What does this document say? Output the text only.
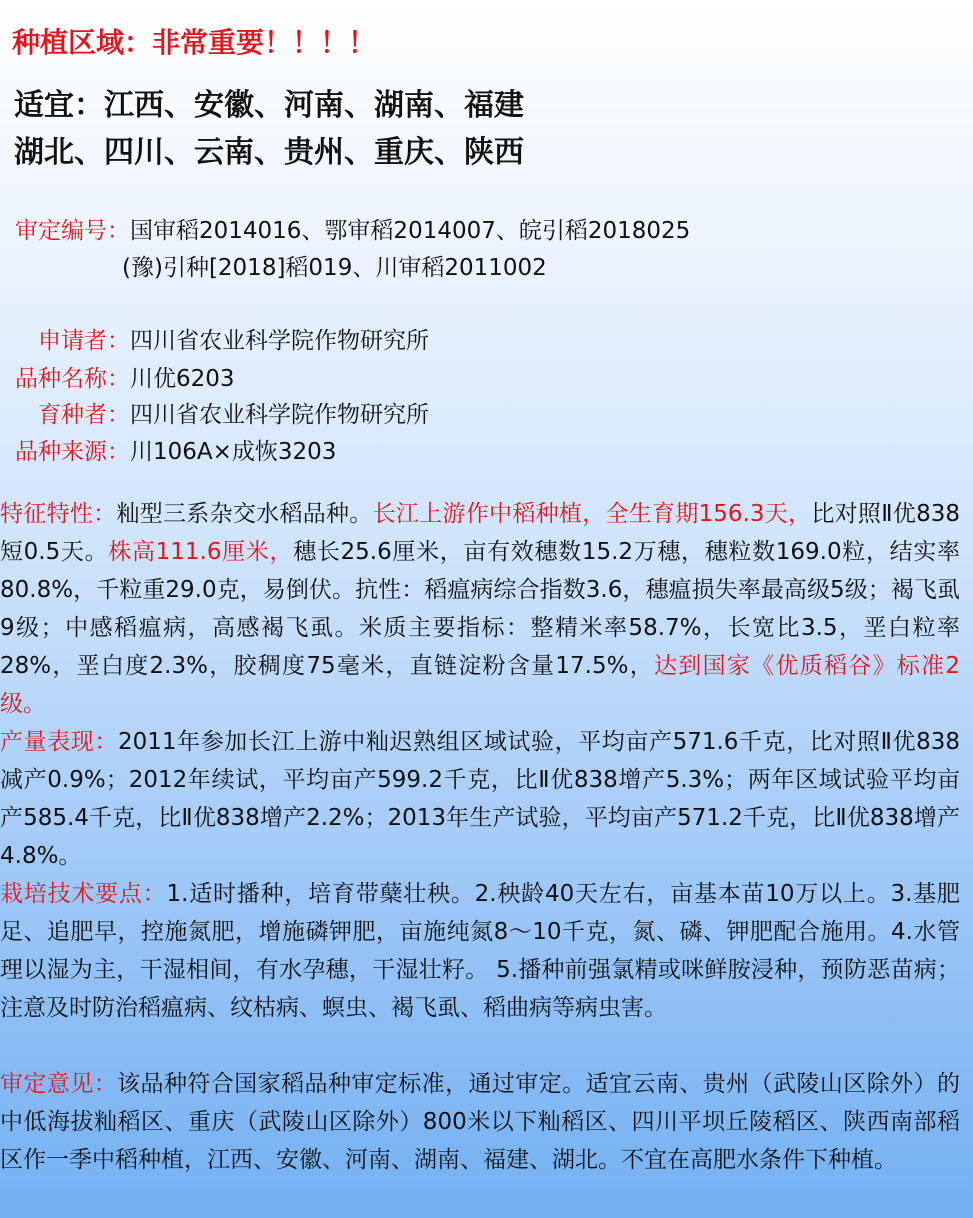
种植区域：非常重要！！！！
适宜：江西、安徽、河南、湖南、福建
湖北、四川、云南、贵州、重庆、陕西
审定编号：国审稻2014016、鄂审稻2014007、皖引稻2018025
(豫)引种[2018]稻019、川审稻2011002
申请者：四川省农业科学院作物研究所
品种名称：川优6203
育种者：四川省农业科学院作物研究所
品种来源：川106A×成恢3203
特征特性：籼型三系杂交水稻品种。长江上游作中稻种植，全生育期156.3天，比对照Ⅱ优838短0.5天。株高111.6厘米，穗长25.6厘米，亩有效穗数15.2万穗，穗粒数169.0粒，结实率80.8%，千粒重29.0克，易倒伏。抗性：稻瘟病综合指数3.6，穗瘟损失率最高级5级；褐飞虱9级；中感稻瘟病，高感褐飞虱。米质主要指标：整精米率58.7%，长宽比3.5，垩白粒率28%，垩白度2.3%，胶稠度75毫米，直链淀粉含量17.5%，达到国家《优质稻谷》标准2级。
产量表现：2011年参加长江上游中籼迟熟组区域试验，平均亩产571.6千克，比对照Ⅱ优838减产0.9%；2012年续试，平均亩产599.2千克，比Ⅱ优838增产5.3%；两年区域试验平均亩产585.4千克，比Ⅱ优838增产2.2%；2013年生产试验，平均亩产571.2千克，比Ⅱ优838增产4.8%。
栽培技术要点：1.适时播种，培育带蘖壮秧。2.秧龄40天左右，亩基本苗10万以上。3.基肥足、追肥早，控施氮肥，增施磷钾肥，亩施纯氮8～10千克，氮、磷、钾肥配合施用。4.水管理以湿为主，干湿相间，有水孕穗，干湿壮籽。 5.播种前强氯精或咪鲜胺浸种，预防恶苗病；注意及时防治稻瘟病、纹枯病、螟虫、褐飞虱、稻曲病等病虫害。
审定意见：该品种符合国家稻品种审定标准，通过审定。适宜云南、贵州（武陵山区除外）的中低海拔籼稻区、重庆（武陵山区除外）800米以下籼稻区、四川平坝丘陵稻区、陕西南部稻区作一季中稻种植，江西、安徽、河南、湖南、福建、湖北。不宜在高肥水条件下种植。
